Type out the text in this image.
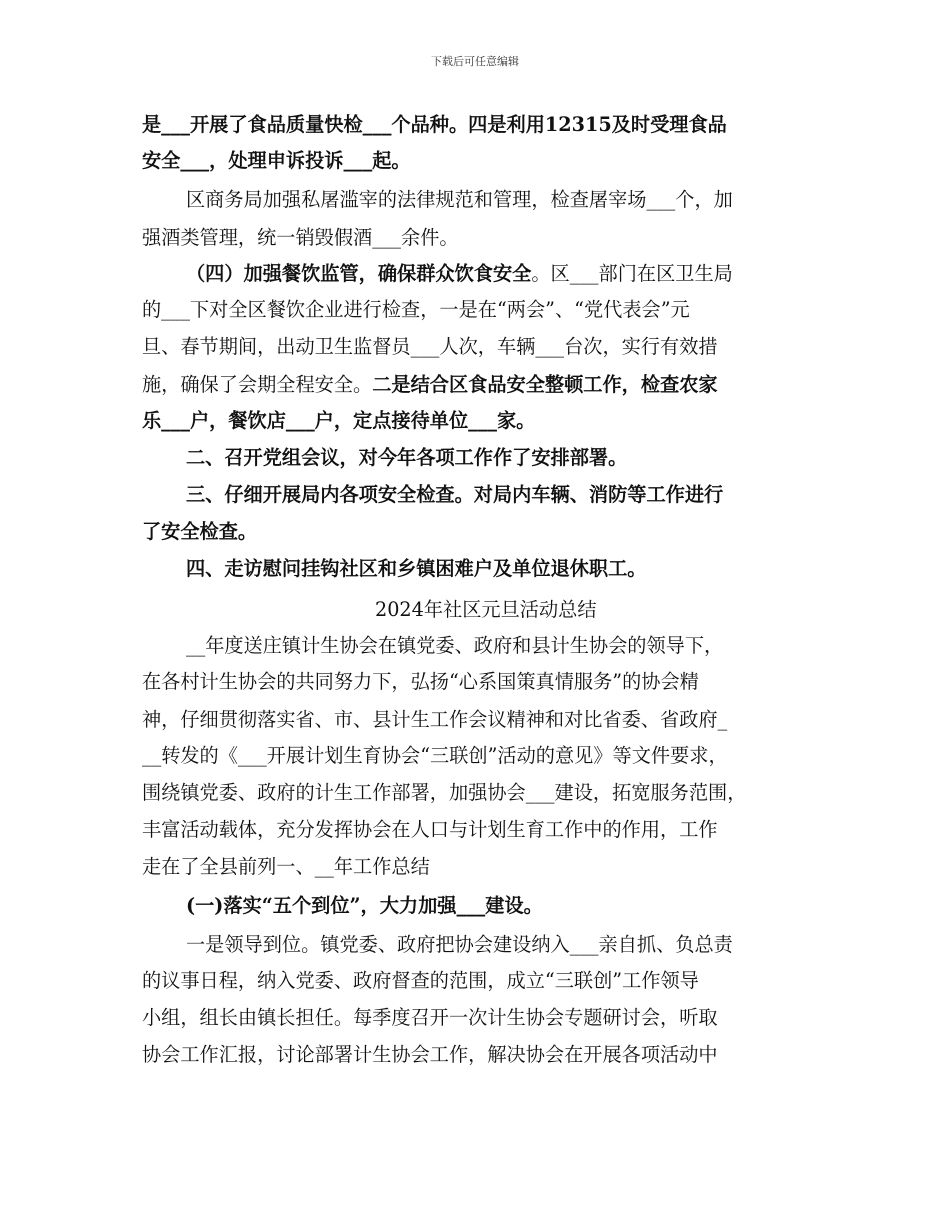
下载后可任意编辑
是___开展了食品质量快检___个品种。四是利用12315及时受理食品
安全___，处理申诉投诉___起。
区商务局加强私屠滥宰的法律规范和管理，检查屠宰场___个，加
强酒类管理，统一销毁假酒___余件。
（四）加强餐饮监管，确保群众饮食安全。区___部门在区卫生局
的___下对全区餐饮企业进行检查，一是在“两会”、“党代表会”元
旦、春节期间，出动卫生监督员___人次，车辆___台次，实行有效措
施，确保了会期全程安全。二是结合区食品安全整顿工作，检查农家
乐___户，餐饮店___户，定点接待单位___家。
二、召开党组会议，对今年各项工作作了安排部署。
三、仔细开展局内各项安全检查。对局内车辆、消防等工作进行
了安全检查。
四、走访慰问挂钩社区和乡镇困难户及单位退休职工。
2024年社区元旦活动总结
__年度送庄镇计生协会在镇党委、政府和县计生协会的领导下，
在各村计生协会的共同努力下，弘扬“心系国策真情服务”的协会精
神，仔细贯彻落实省、市、县计生工作会议精神和对比省委、省政府_
__转发的《___开展计划生育协会“三联创”活动的意见》等文件要求，
围绕镇党委、政府的计生工作部署，加强协会___建设，拓宽服务范围，
丰富活动载体，充分发挥协会在人口与计划生育工作中的作用，工作
走在了全县前列一、__年工作总结
(一)落实“五个到位”，大力加强___建设。
一是领导到位。镇党委、政府把协会建设纳入___亲自抓、负总责
的议事日程，纳入党委、政府督查的范围，成立“三联创”工作领导
小组，组长由镇长担任。每季度召开一次计生协会专题研讨会，听取
协会工作汇报，讨论部署计生协会工作，解决协会在开展各项活动中
